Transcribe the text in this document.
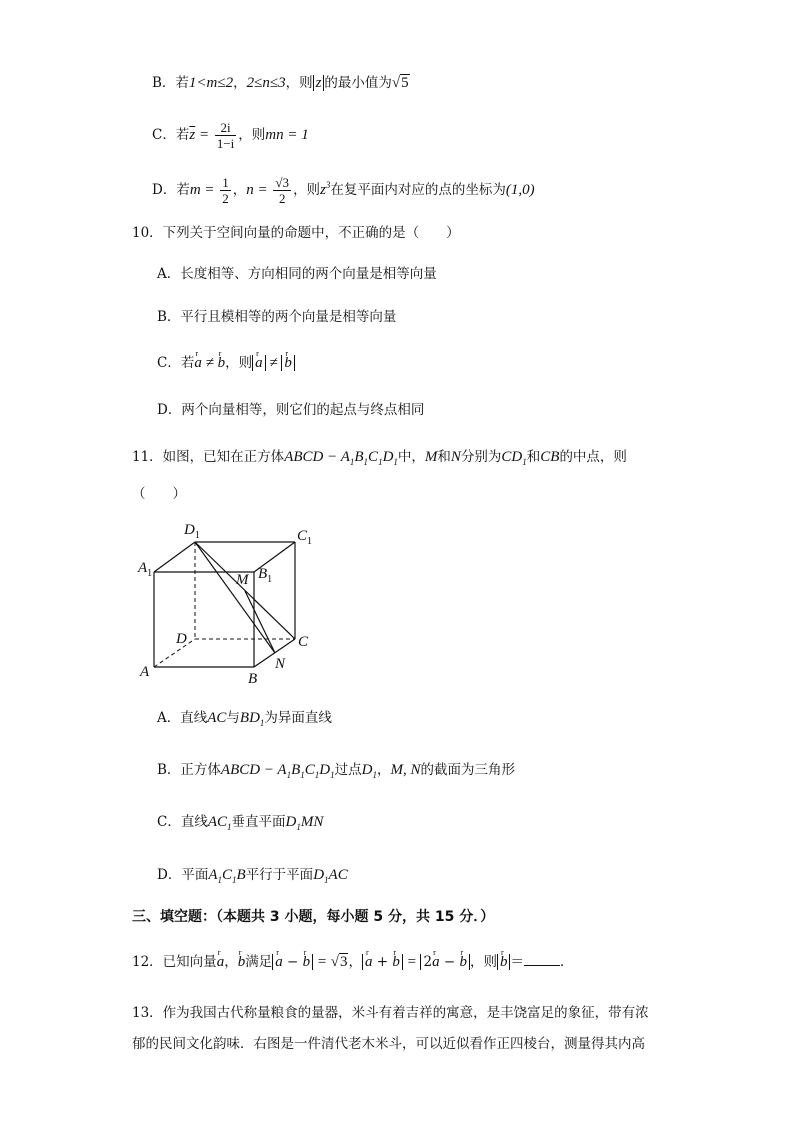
B．若1<m≤2，2≤n≤3，则 z 的最小值为√5
C．若$\overline{z} = \frac{2i}{1-i}$ ，则mn = 1
D．若$m = \frac{1}{2}$ ，$n = \frac{√3}{2}$ ，则$z^3$在复平面内对应的点的坐标为(1,0)
10．下列关于空间向量的命题中，不正确的是（　　）
A．长度相等、方向相同的两个向量是相等向量
B．平行且模相等的两个向量是相等向量
C．若r a ≠ r b，则 r a ≠ r b
D．两个向量相等，则它们的起点与终点相同
11．如图，已知在正方体ABCD − $A_1B_1C_1D_1$中，M和N分别为$CD_1$和CB的中点，则
（　　）
$D_1$	$C_1$
$A_1$	$B_1$
M
D	C
A	B
N
A．直线AC与$BD_1$为异面直线
B．正方体ABCD − $A_1B_1C_1D_1$过点$D_1$，M, N的截面为三角形
C．直线$AC_1$垂直平面$D_1MN$
D．平面$A_1C_1B$平行于平面$D_1AC$
三、填空题：（本题共 3 小题，每小题 5 分，共 15 分．）
12．已知向量r a，r b满足 r a − r b = √3， r a + r b = 2r a − r b ，则 r b ＝	．
13．作为我国古代称量粮食的量器，米斗有着吉祥的寓意，是丰饶富足的象征，带有浓
郁的民间文化韵味．右图是一件清代老木米斗，可以近似看作正四棱台，测量得其内高
